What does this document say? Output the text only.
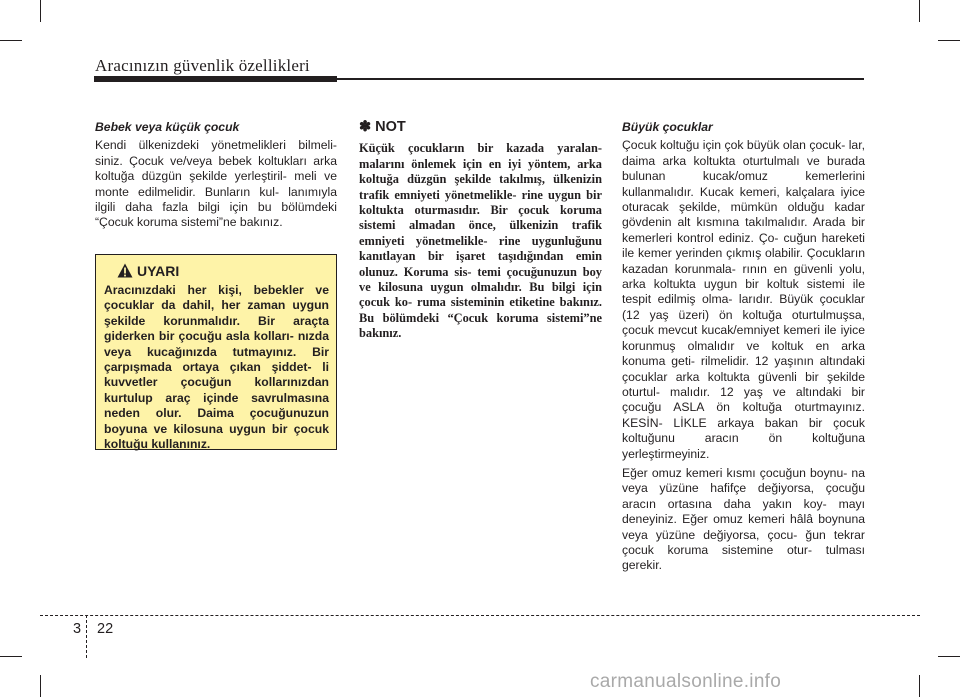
Aracınızın güvenlik özellikleri
Bebek veya küçük çocuk

Kendi ülkenizdeki yönetmelikleri bilmeli- siniz. Çocuk ve/veya bebek koltukları arka koltuğa düzgün şekilde yerleştiril- meli ve monte edilmelidir. Bunların kul- lanımıyla ilgili daha fazla bilgi için bu bölümdeki “Çocuk koruma sistemi”ne bakınız.

UYARI
Aracınızdaki her kişi, bebekler ve çocuklar da dahil, her zaman uygun şekilde korunmalıdır. Bir araçta giderken bir çocuğu asla kolları- nızda veya kucağınızda tutmayınız. Bir çarpışmada ortaya çıkan şiddet- li kuvvetler çocuğun kollarınızdan kurtulup araç içinde savrulmasına neden olur. Daima çocuğunuzun boyuna ve kilosuna uygun bir çocuk koltuğu kullanınız.
✽ NOT

Küçük çocukların bir kazada yaralan- malarını önlemek için en iyi yöntem, arka koltuğa düzgün şekilde takılmış, ülkenizin trafik emniyeti yönetmelikle- rine uygun bir koltukta oturmasıdır. Bir çocuk koruma sistemi almadan önce, ülkenizin trafik emniyeti yönetmelikle- rine uygunluğunu kanıtlayan bir işaret taşıdığından emin olunuz. Koruma sis- temi çocuğunuzun boy ve kilosuna uygun olmalıdır. Bu bilgi için çocuk ko- ruma sisteminin etiketine bakınız. Bu bölümdeki “Çocuk koruma sistemi”ne bakınız.

Büyük çocuklar

Çocuk koltuğu için çok büyük olan çocuk- lar, daima arka koltukta oturtulmalı ve burada bulunan kucak/omuz kemerlerini kullanmalıdır. Kucak kemeri, kalçalara iyice oturacak şekilde, mümkün olduğu kadar gövdenin alt kısmına takılmalıdır. Arada bir kemerleri kontrol ediniz. Ço- cuğun hareketi ile kemer yerinden çıkmış olabilir. Çocukların kazadan korunmala- rının en güvenli yolu, arka koltukta uygun bir koltuk sistemi ile tespit edilmiş olma- larıdır. Büyük çocuklar (12 yaş üzeri) ön koltuğa oturtulmuşsa, çocuk mevcut kucak/emniyet kemeri ile iyice korunmuş olmalıdır ve koltuk en arka konuma geti- rilmelidir. 12 yaşının altındaki çocuklar arka koltukta güvenli bir şekilde oturtul- malıdır. 12 yaş ve altındaki bir çocuğu ASLA ön koltuğa oturtmayınız. KESİN- LİKLE arkaya bakan bir çocuk koltuğunu aracın ön koltuğuna yerleştirmeyiniz.

Eğer omuz kemeri kısmı çocuğun boynu- na veya yüzüne hafifçe değiyorsa, çocuğu aracın ortasına daha yakın koy- mayı deneyiniz. Eğer omuz kemeri hâlâ boynuna veya yüzüne değiyorsa, çocu- ğun tekrar çocuk koruma sistemine otur- tulması gerekir.

3 22
carmanualsonline.info
